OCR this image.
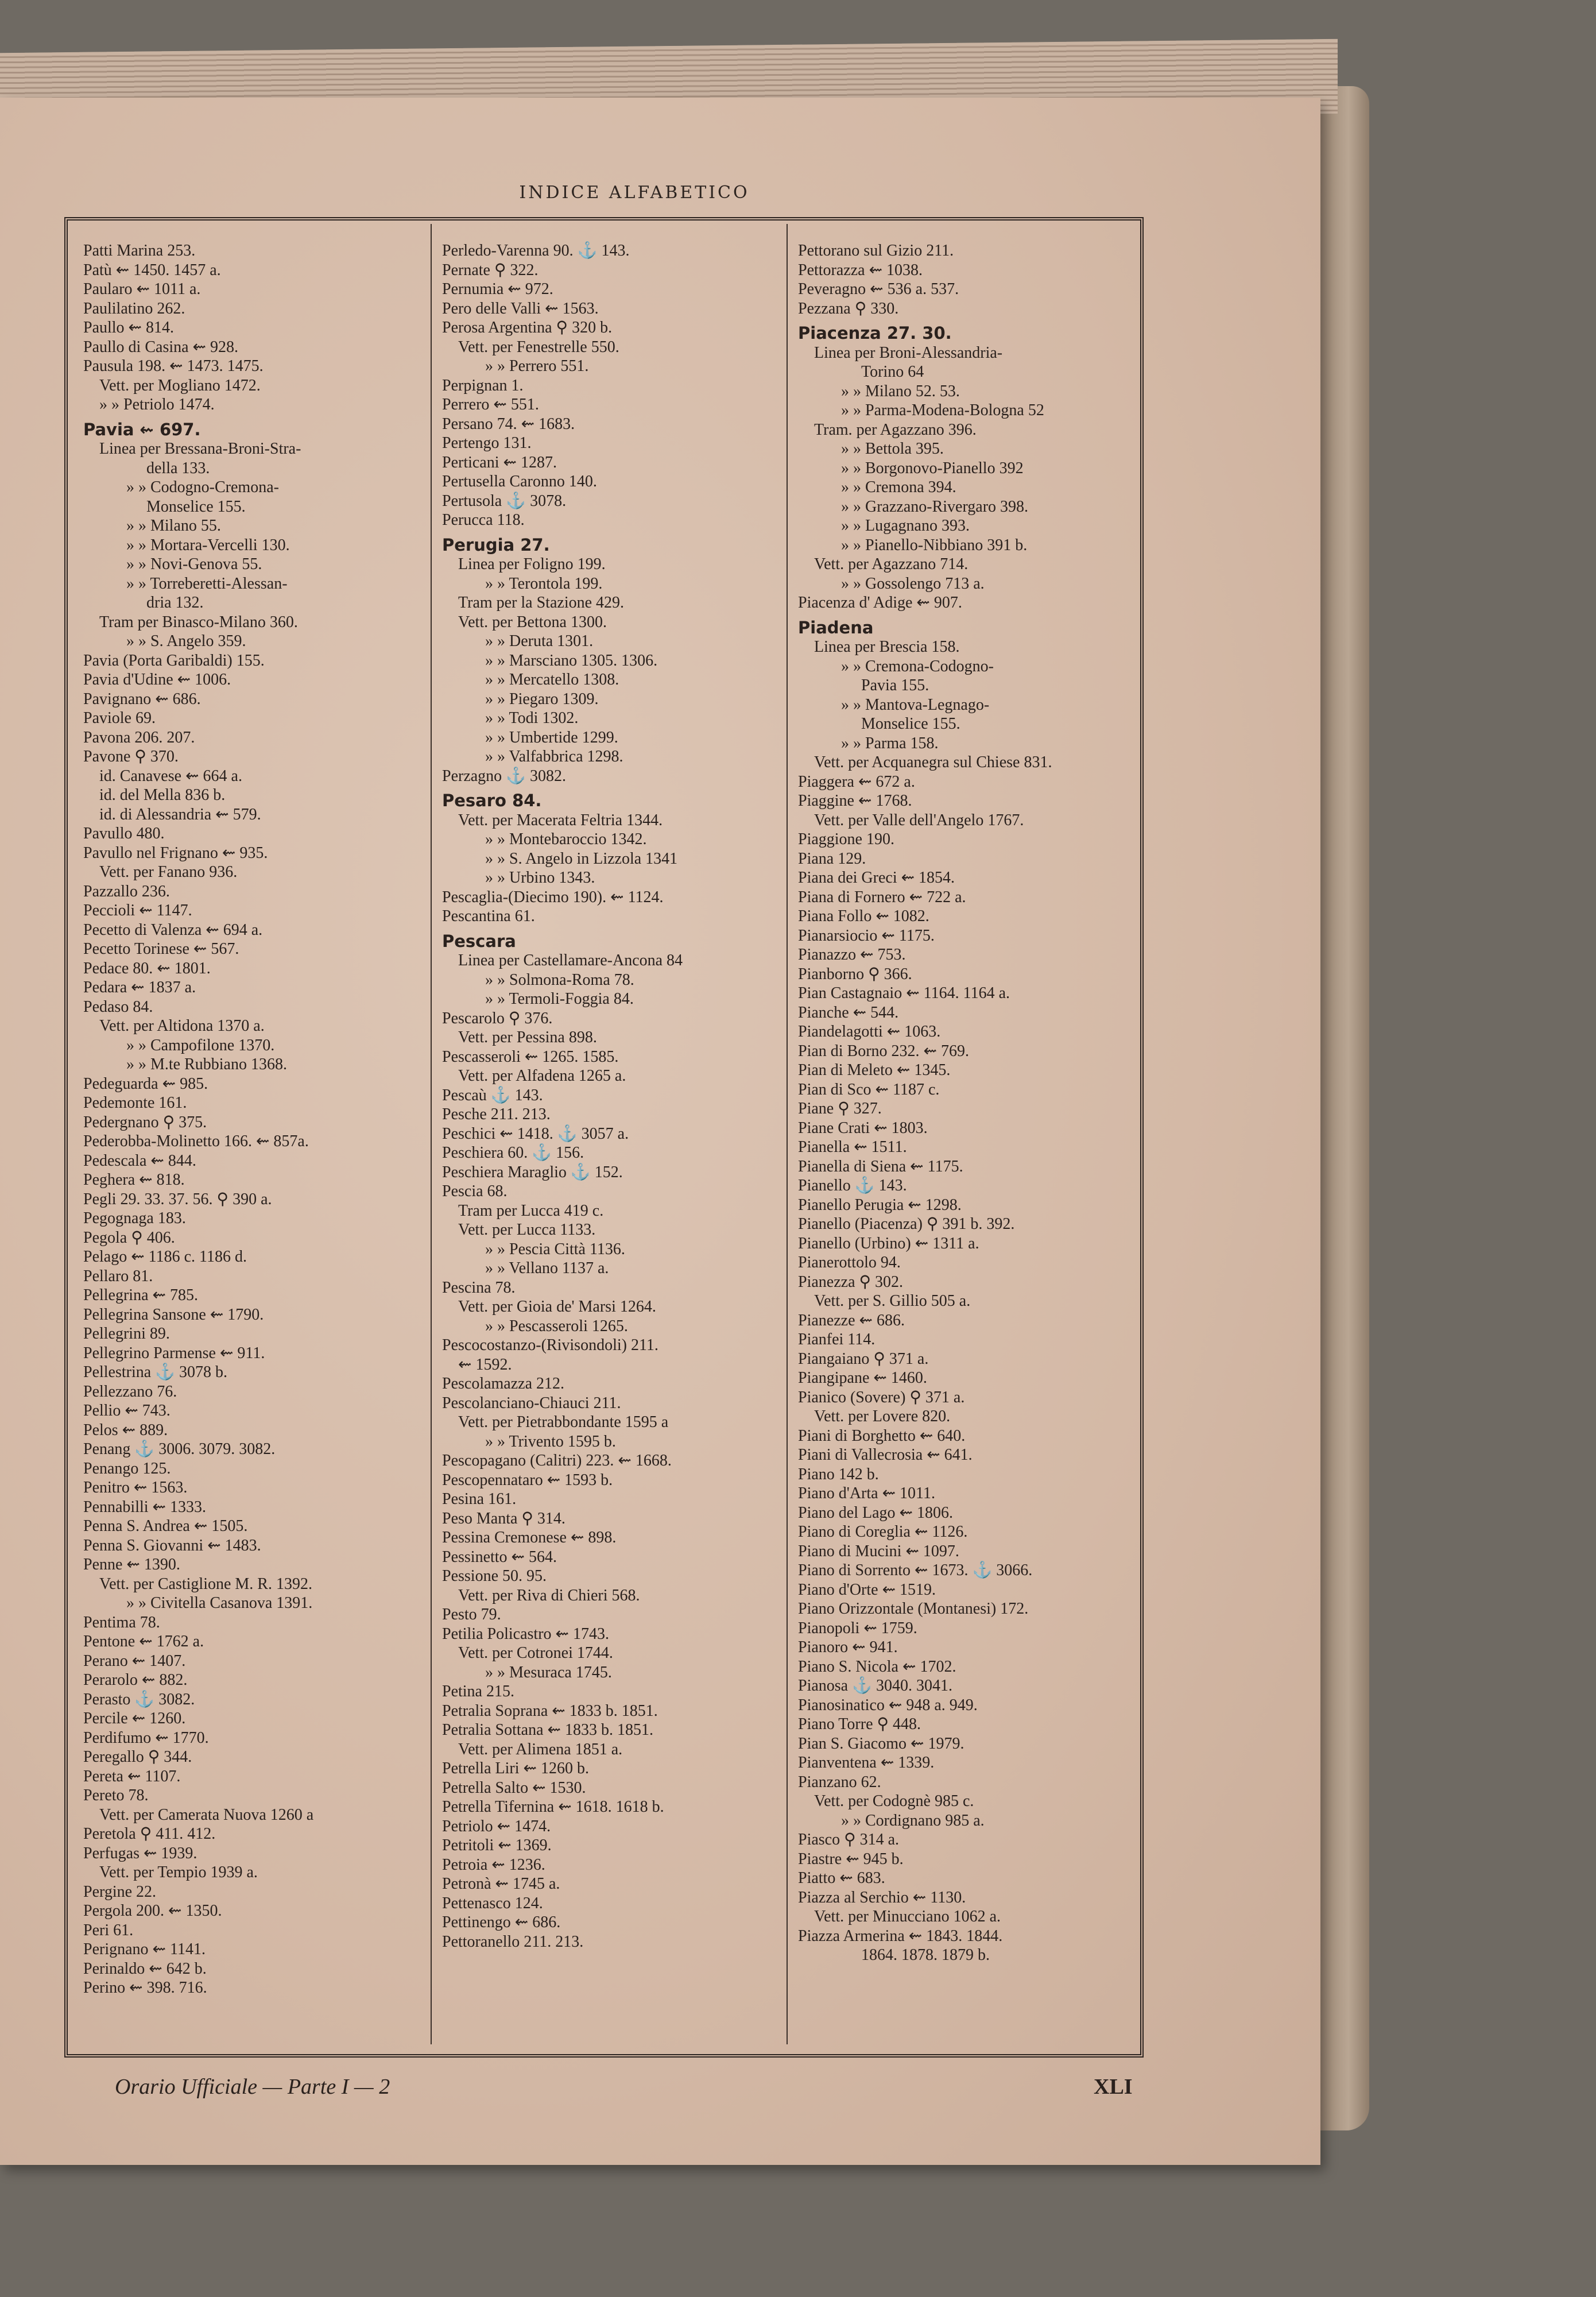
INDICE ALFABETICO
Patti Marina 253.
Patù ⇜ 1450. 1457 a.
Paularo ⇜ 1011 a.
Paulilatino 262.
Paullo ⇜ 814.
Paullo di Casina ⇜ 928.
Pausula 198. ⇜ 1473. 1475.
Vett. per Mogliano 1472.
» » Petriolo 1474.
Pavia ⇜ 697.
Linea per Bressana-Broni-Stra-
della 133.
» » Codogno-Cremona-
Monselice 155.
» » Milano 55.
» » Mortara-Vercelli 130.
» » Novi-Genova 55.
» » Torreberetti-Alessan-
dria 132.
Tram per Binasco-Milano 360.
» » S. Angelo 359.
Pavia (Porta Garibaldi) 155.
Pavia d'Udine ⇜ 1006.
Pavignano ⇜ 686.
Paviole 69.
Pavona 206. 207.
Pavone ⚲ 370.
id. Canavese ⇜ 664 a.
id. del Mella 836 b.
id. di Alessandria ⇜ 579.
Pavullo 480.
Pavullo nel Frignano ⇜ 935.
Vett. per Fanano 936.
Pazzallo 236.
Peccioli ⇜ 1147.
Pecetto di Valenza ⇜ 694 a.
Pecetto Torinese ⇜ 567.
Pedace 80. ⇜ 1801.
Pedara ⇜ 1837 a.
Pedaso 84.
Vett. per Altidona 1370 a.
» » Campofilone 1370.
» » M.te Rubbiano 1368.
Pedeguarda ⇜ 985.
Pedemonte 161.
Pedergnano ⚲ 375.
Pederobba-Molinetto 166. ⇜ 857a.
Pedescala ⇜ 844.
Peghera ⇜ 818.
Pegli 29. 33. 37. 56. ⚲ 390 a.
Pegognaga 183.
Pegola ⚲ 406.
Pelago ⇜ 1186 c. 1186 d.
Pellaro 81.
Pellegrina ⇜ 785.
Pellegrina Sansone ⇜ 1790.
Pellegrini 89.
Pellegrino Parmense ⇜ 911.
Pellestrina ⚓ 3078 b.
Pellezzano 76.
Pellio ⇜ 743.
Pelos ⇜ 889.
Penang ⚓ 3006. 3079. 3082.
Penango 125.
Penitro ⇜ 1563.
Pennabilli ⇜ 1333.
Penna S. Andrea ⇜ 1505.
Penna S. Giovanni ⇜ 1483.
Penne ⇜ 1390.
Vett. per Castiglione M. R. 1392.
» » Civitella Casanova 1391.
Pentima 78.
Pentone ⇜ 1762 a.
Perano ⇜ 1407.
Perarolo ⇜ 882.
Perasto ⚓ 3082.
Percile ⇜ 1260.
Perdifumo ⇜ 1770.
Peregallo ⚲ 344.
Pereta ⇜ 1107.
Pereto 78.
Vett. per Camerata Nuova 1260 a
Peretola ⚲ 411. 412.
Perfugas ⇜ 1939.
Vett. per Tempio 1939 a.
Pergine 22.
Pergola 200. ⇜ 1350.
Peri 61.
Perignano ⇜ 1141.
Perinaldo ⇜ 642 b.
Perino ⇜ 398. 716.
Perledo-Varenna 90. ⚓ 143.
Pernate ⚲ 322.
Pernumia ⇜ 972.
Pero delle Valli ⇜ 1563.
Perosa Argentina ⚲ 320 b.
Vett. per Fenestrelle 550.
» » Perrero 551.
Perpignan 1.
Perrero ⇜ 551.
Persano 74. ⇜ 1683.
Pertengo 131.
Perticani ⇜ 1287.
Pertusella Caronno 140.
Pertusola ⚓ 3078.
Perucca 118.
Perugia 27.
Linea per Foligno 199.
» » Terontola 199.
Tram per la Stazione 429.
Vett. per Bettona 1300.
» » Deruta 1301.
» » Marsciano 1305. 1306.
» » Mercatello 1308.
» » Piegaro 1309.
» » Todi 1302.
» » Umbertide 1299.
» » Valfabbrica 1298.
Perzagno ⚓ 3082.
Pesaro 84.
Vett. per Macerata Feltria 1344.
» » Montebaroccio 1342.
» » S. Angelo in Lizzola 1341
» » Urbino 1343.
Pescaglia-(Diecimo 190). ⇜ 1124.
Pescantina 61.
Pescara
Linea per Castellamare-Ancona 84
» » Solmona-Roma 78.
» » Termoli-Foggia 84.
Pescarolo ⚲ 376.
Vett. per Pessina 898.
Pescasseroli ⇜ 1265. 1585.
Vett. per Alfadena 1265 a.
Pescaù ⚓ 143.
Pesche 211. 213.
Peschici ⇜ 1418. ⚓ 3057 a.
Peschiera 60. ⚓ 156.
Peschiera Maraglio ⚓ 152.
Pescia 68.
Tram per Lucca 419 c.
Vett. per Lucca 1133.
» » Pescia Città 1136.
» » Vellano 1137 a.
Pescina 78.
Vett. per Gioia de' Marsi 1264.
» » Pescasseroli 1265.
Pescocostanzo-(Rivisondoli) 211.
⇜ 1592.
Pescolamazza 212.
Pescolanciano-Chiauci 211.
Vett. per Pietrabbondante 1595 a
» » Trivento 1595 b.
Pescopagano (Calitri) 223. ⇜ 1668.
Pescopennataro ⇜ 1593 b.
Pesina 161.
Peso Manta ⚲ 314.
Pessina Cremonese ⇜ 898.
Pessinetto ⇜ 564.
Pessione 50. 95.
Vett. per Riva di Chieri 568.
Pesto 79.
Petilia Policastro ⇜ 1743.
Vett. per Cotronei 1744.
» » Mesuraca 1745.
Petina 215.
Petralia Soprana ⇜ 1833 b. 1851.
Petralia Sottana ⇜ 1833 b. 1851.
Vett. per Alimena 1851 a.
Petrella Liri ⇜ 1260 b.
Petrella Salto ⇜ 1530.
Petrella Tifernina ⇜ 1618. 1618 b.
Petriolo ⇜ 1474.
Petritoli ⇜ 1369.
Petroia ⇜ 1236.
Petronà ⇜ 1745 a.
Pettenasco 124.
Pettinengo ⇜ 686.
Pettoranello 211. 213.
Pettorano sul Gizio 211.
Pettorazza ⇜ 1038.
Peveragno ⇜ 536 a. 537.
Pezzana ⚲ 330.
Piacenza 27. 30.
Linea per Broni-Alessandria-
Torino 64
» » Milano 52. 53.
» » Parma-Modena-Bologna 52
Tram. per Agazzano 396.
» » Bettola 395.
» » Borgonovo-Pianello 392
» » Cremona 394.
» » Grazzano-Rivergaro 398.
» » Lugagnano 393.
» » Pianello-Nibbiano 391 b.
Vett. per Agazzano 714.
» » Gossolengo 713 a.
Piacenza d' Adige ⇜ 907.
Piadena
Linea per Brescia 158.
» » Cremona-Codogno-
Pavia 155.
» » Mantova-Legnago-
Monselice 155.
» » Parma 158.
Vett. per Acquanegra sul Chiese 831.
Piaggera ⇜ 672 a.
Piaggine ⇜ 1768.
Vett. per Valle dell'Angelo 1767.
Piaggione 190.
Piana 129.
Piana dei Greci ⇜ 1854.
Piana di Fornero ⇜ 722 a.
Piana Follo ⇜ 1082.
Pianarsiocio ⇜ 1175.
Pianazzo ⇜ 753.
Pianborno ⚲ 366.
Pian Castagnaio ⇜ 1164. 1164 a.
Pianche ⇜ 544.
Piandelagotti ⇜ 1063.
Pian di Borno 232. ⇜ 769.
Pian di Meleto ⇜ 1345.
Pian di Sco ⇜ 1187 c.
Piane ⚲ 327.
Piane Crati ⇜ 1803.
Pianella ⇜ 1511.
Pianella di Siena ⇜ 1175.
Pianello ⚓ 143.
Pianello Perugia ⇜ 1298.
Pianello (Piacenza) ⚲ 391 b. 392.
Pianello (Urbino) ⇜ 1311 a.
Pianerottolo 94.
Pianezza ⚲ 302.
Vett. per S. Gillio 505 a.
Pianezze ⇜ 686.
Pianfei 114.
Piangaiano ⚲ 371 a.
Piangipane ⇜ 1460.
Pianico (Sovere) ⚲ 371 a.
Vett. per Lovere 820.
Piani di Borghetto ⇜ 640.
Piani di Vallecrosia ⇜ 641.
Piano 142 b.
Piano d'Arta ⇜ 1011.
Piano del Lago ⇜ 1806.
Piano di Coreglia ⇜ 1126.
Piano di Mucini ⇜ 1097.
Piano di Sorrento ⇜ 1673. ⚓ 3066.
Piano d'Orte ⇜ 1519.
Piano Orizzontale (Montanesi) 172.
Pianopoli ⇜ 1759.
Pianoro ⇜ 941.
Piano S. Nicola ⇜ 1702.
Pianosa ⚓ 3040. 3041.
Pianosinatico ⇜ 948 a. 949.
Piano Torre ⚲ 448.
Pian S. Giacomo ⇜ 1979.
Pianventena ⇜ 1339.
Pianzano 62.
Vett. per Codognè 985 c.
» » Cordignano 985 a.
Piasco ⚲ 314 a.
Piastre ⇜ 945 b.
Piatto ⇜ 683.
Piazza al Serchio ⇜ 1130.
Vett. per Minucciano 1062 a.
Piazza Armerina ⇜ 1843. 1844.
1864. 1878. 1879 b.
Orario Ufficiale — Parte I — 2	XLI
